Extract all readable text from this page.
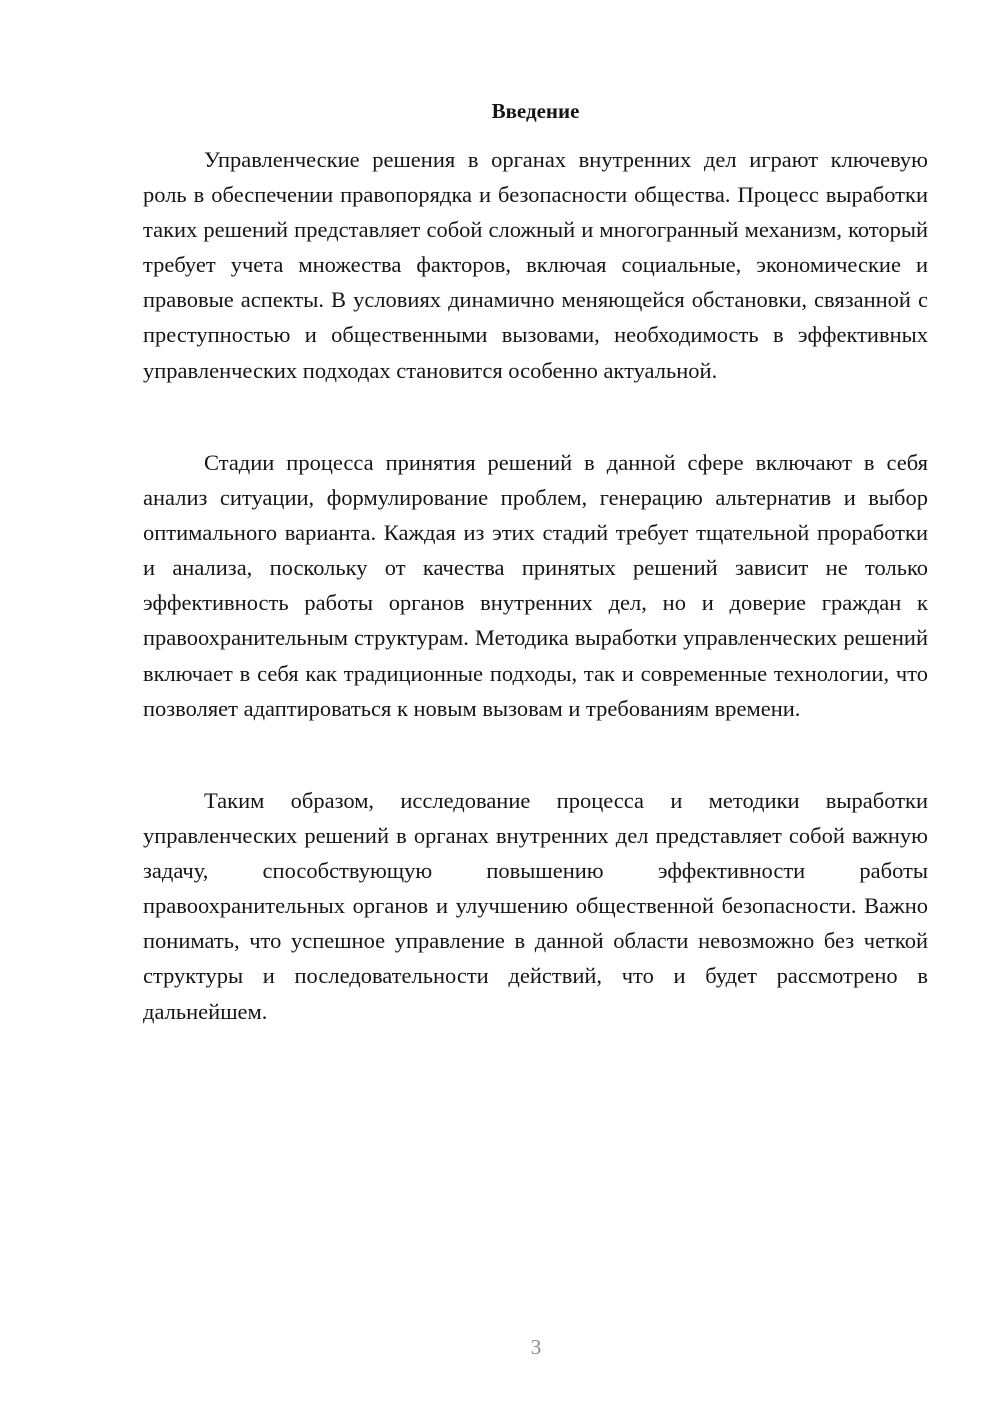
Введение

Управленческие решения в органах внутренних дел играют ключевую роль в обеспечении правопорядка и безопасности общества. Процесс выработки таких решений представляет собой сложный и многогранный механизм, который требует учета множества факторов, включая социальные, экономические и правовые аспекты. В условиях динамично меняющейся обстановки, связанной с преступностью и общественными вызовами, необходимость в эффективных управленческих подходах становится особенно актуальной.

Стадии процесса принятия решений в данной сфере включают в себя анализ ситуации, формулирование проблем, генерацию альтернатив и выбор оптимального варианта. Каждая из этих стадий требует тщательной проработки и анализа, поскольку от качества принятых решений зависит не только эффективность работы органов внутренних дел, но и доверие граждан к правоохранительным структурам. Методика выработки управленческих решений включает в себя как традиционные подходы, так и современные технологии, что позволяет адаптироваться к новым вызовам и требованиям времени.

Таким образом, исследование процесса и методики выработки управленческих решений в органах внутренних дел представляет собой важную задачу, способствующую повышению эффективности работы правоохранительных органов и улучшению общественной безопасности. Важно понимать, что успешное управление в данной области невозможно без четкой структуры и последовательности действий, что и будет рассмотрено в дальнейшем.

3
